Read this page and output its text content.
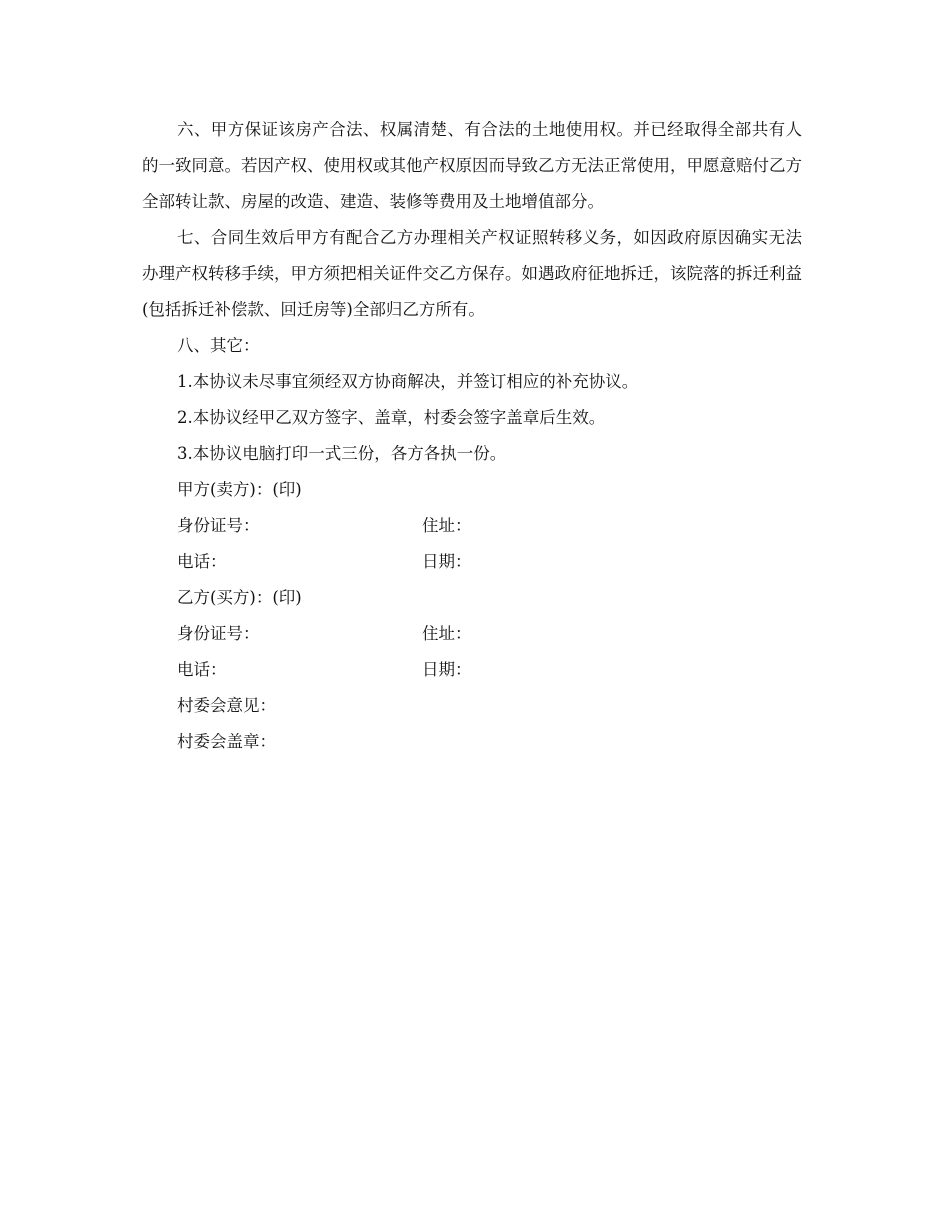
六、甲方保证该房产合法、权属清楚、有合法的土地使用权。并已经取得全部共有人的一致同意。若因产权、使用权或其他产权原因而导致乙方无法正常使用，甲愿意赔付乙方全部转让款、房屋的改造、建造、装修等费用及土地增值部分。

七、合同生效后甲方有配合乙方办理相关产权证照转移义务，如因政府原因确实无法办理产权转移手续，甲方须把相关证件交乙方保存。如遇政府征地拆迁，该院落的拆迁利益(包括拆迁补偿款、回迁房等)全部归乙方所有。

八、其它：

1.本协议未尽事宜须经双方协商解决，并签订相应的补充协议。

2.本协议经甲乙双方签字、盖章，村委会签字盖章后生效。

3.本协议电脑打印一式三份，各方各执一份。

甲方(卖方)：(印)

身份证号：	住址：
电话：	日期：

乙方(买方)：(印)

身份证号：	住址：
电话：	日期：

村委会意见：

村委会盖章：
